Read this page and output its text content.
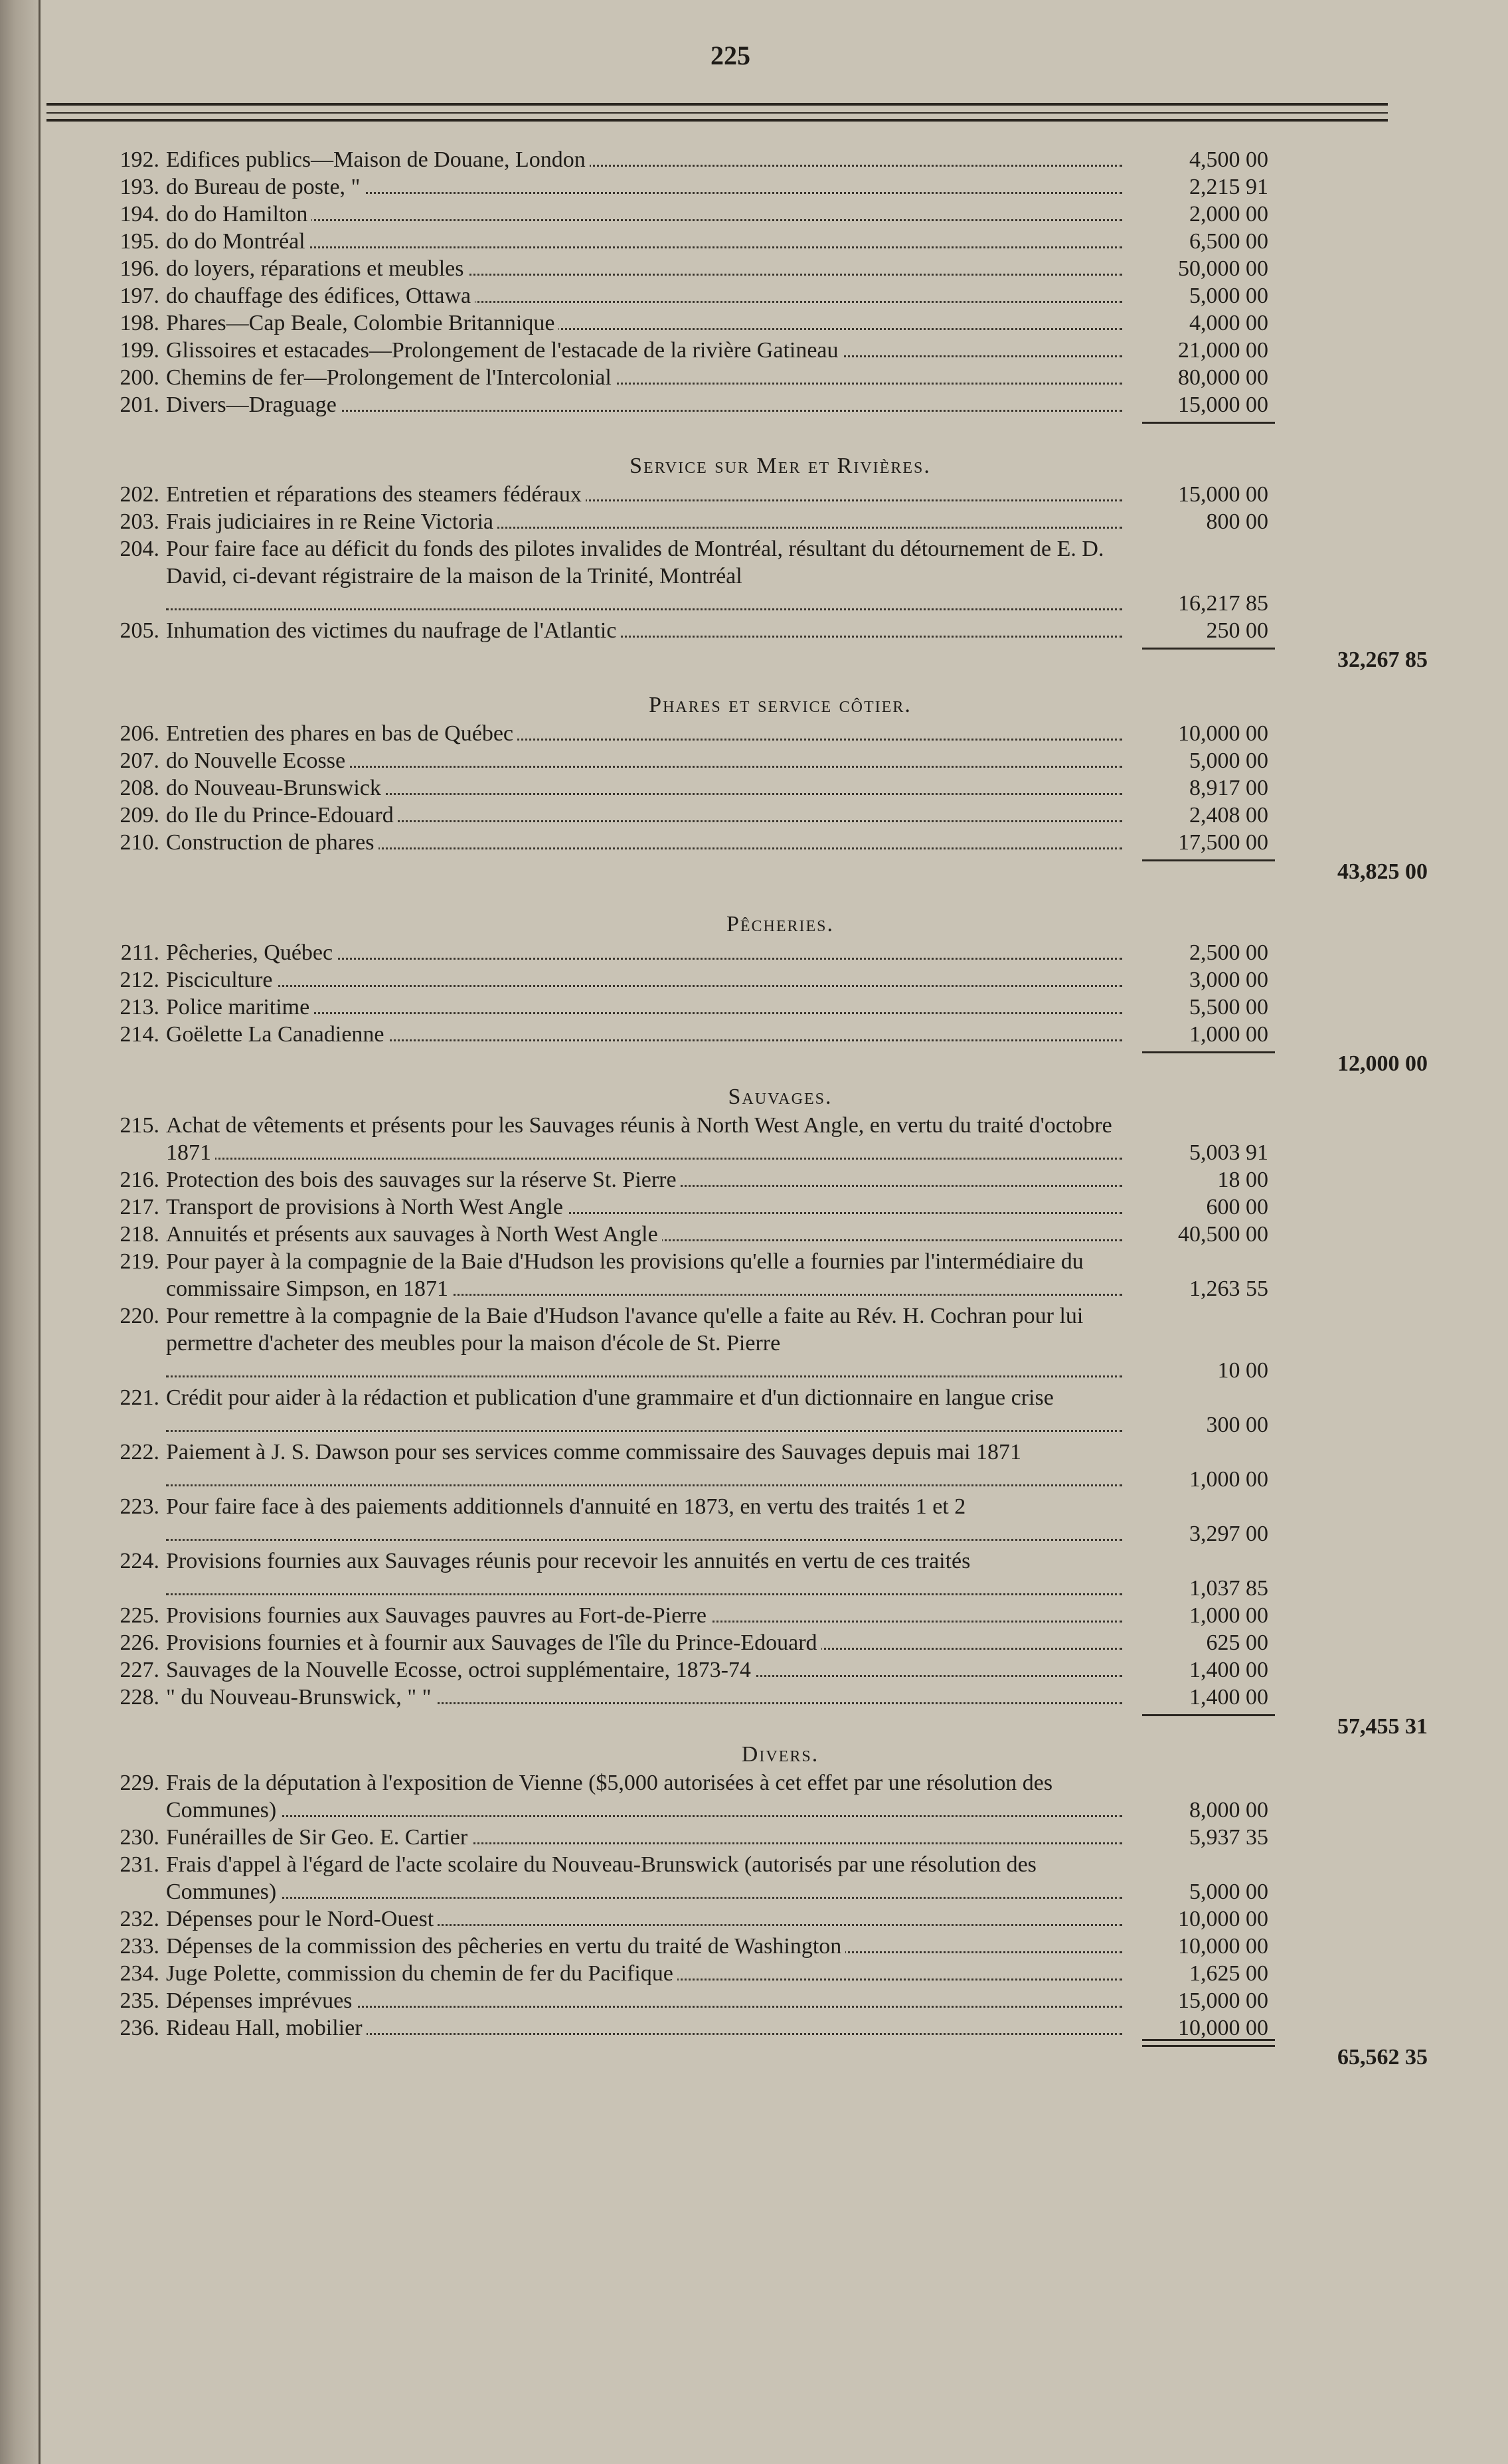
225
192. Edifices publics—Maison de Douane, London	4,500 00
193. do Bureau de poste, "	2,215 91
194. do do Hamilton	2,000 00
195. do do Montréal	6,500 00
196. do loyers, réparations et meubles	50,000 00
197. do chauffage des édifices, Ottawa	5,000 00
198. Phares—Cap Beale, Colombie Britannique	4,000 00
199. Glissoires et estacades—Prolongement de l'estacade de la rivière Gatineau	21,000 00
200. Chemins de fer—Prolongement de l'Intercolonial	80,000 00
201. Divers—Draguage	15,000 00
Service sur Mer et Rivières.
202. Entretien et réparations des steamers fédéraux	15,000 00
203. Frais judiciaires in re Reine Victoria	800 00
204. Pour faire face au déficit du fonds des pilotes invalides de Montréal, résultant du détournement de E. D. David, ci-devant régistraire de la maison de la Trinité, Montréal
16,217 85
205. Inhumation des victimes du naufrage de l'Atlantic	250 00
32,267 85
Phares et service côtier.
206. Entretien des phares en bas de Québec	10,000 00
207. do Nouvelle Ecosse	5,000 00
208. do Nouveau-Brunswick	8,917 00
209. do Ile du Prince-Edouard	2,408 00
210. Construction de phares	17,500 00
43,825 00
Pêcheries.
211. Pêcheries, Québec	2,500 00
212. Pisciculture	3,000 00
213. Police maritime	5,500 00
214. Goëlette La Canadienne	1,000 00
12,000 00
Sauvages.
215. Achat de vêtements et présents pour les Sauvages réunis à North West Angle, en vertu du traité d'octobre 1871	5,003 91
216. Protection des bois des sauvages sur la réserve St. Pierre	18 00
217. Transport de provisions à North West Angle	600 00
218. Annuités et présents aux sauvages à North West Angle	40,500 00
219. Pour payer à la compagnie de la Baie d'Hudson les provisions qu'elle a fournies par l'intermédiaire du commissaire Simpson, en 1871	1,263 55
220. Pour remettre à la compagnie de la Baie d'Hudson l'avance qu'elle a faite au Rév. H. Cochran pour lui permettre d'acheter des meubles pour la maison d'école de St. Pierre
10 00
221. Crédit pour aider à la rédaction et publication d'une grammaire et d'un dictionnaire en langue crise
300 00
222. Paiement à J. S. Dawson pour ses services comme commissaire des Sauvages depuis mai 1871
1,000 00
223. Pour faire face à des paiements additionnels d'annuité en 1873, en vertu des traités 1 et 2
3,297 00
224. Provisions fournies aux Sauvages réunis pour recevoir les annuités en vertu de ces traités
1,037 85
225. Provisions fournies aux Sauvages pauvres au Fort-de-Pierre	1,000 00
226. Provisions fournies et à fournir aux Sauvages de l'île du Prince-Edouard	625 00
227. Sauvages de la Nouvelle Ecosse, octroi supplémentaire, 1873-74	1,400 00
228. " du Nouveau-Brunswick, " "	1,400 00
57,455 31
Divers.
229. Frais de la députation à l'exposition de Vienne ($5,000 autorisées à cet effet par une résolution des Communes)	8,000 00
230. Funérailles de Sir Geo. E. Cartier	5,937 35
231. Frais d'appel à l'égard de l'acte scolaire du Nouveau-Brunswick (autorisés par une résolution des Communes)	5,000 00
232. Dépenses pour le Nord-Ouest	10,000 00
233. Dépenses de la commission des pêcheries en vertu du traité de Washington	10,000 00
234. Juge Polette, commission du chemin de fer du Pacifique	1,625 00
235. Dépenses imprévues	15,000 00
236. Rideau Hall, mobilier	10,000 00
65,562 35
